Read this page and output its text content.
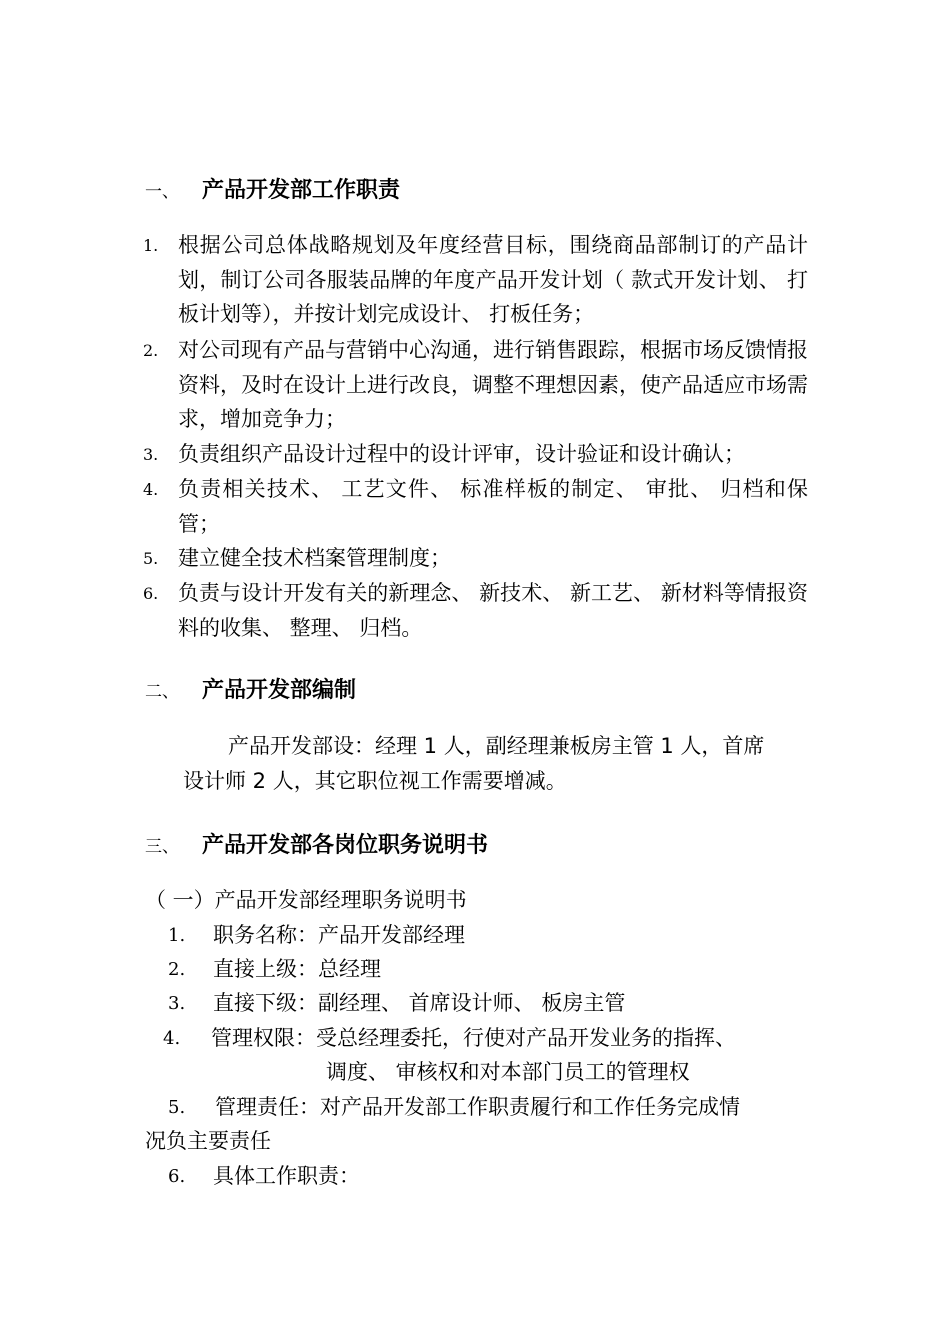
一、 产品开发部工作职责
1. 根据公司总体战略规划及年度经营目标，围绕商品部制订的产品计划，制订公司各服装品牌的年度产品开发计划（ 款式开发计划、 打板计划等），并按计划完成设计、 打板任务；
2. 对公司现有产品与营销中心沟通，进行销售跟踪，根据市场反馈情报资料，及时在设计上进行改良，调整不理想因素，使产品适应市场需求，增加竞争力；
3. 负责组织产品设计过程中的设计评审，设计验证和设计确认；
4. 负责相关技术、 工艺文件、 标准样板的制定、 审批、 归档和保管；
5. 建立健全技术档案管理制度；
6. 负责与设计开发有关的新理念、 新技术、 新工艺、 新材料等情报资料的收集、 整理、 归档。
二、 产品开发部编制
产品开发部设：经理 1 人，副经理兼板房主管 1 人，首席
设计师 2 人，其它职位视工作需要增减。
三、 产品开发部各岗位职务说明书
（ 一）产品开发部经理职务说明书
1. 职务名称：产品开发部经理
2. 直接上级：总经理
3. 直接下级：副经理、 首席设计师、 板房主管
4. 管理权限：受总经理委托，行使对产品开发业务的指挥、
调度、 审核权和对本部门员工的管理权
5. 管理责任：对产品开发部工作职责履行和工作任务完成情
况负主要责任
6. 具体工作职责：
